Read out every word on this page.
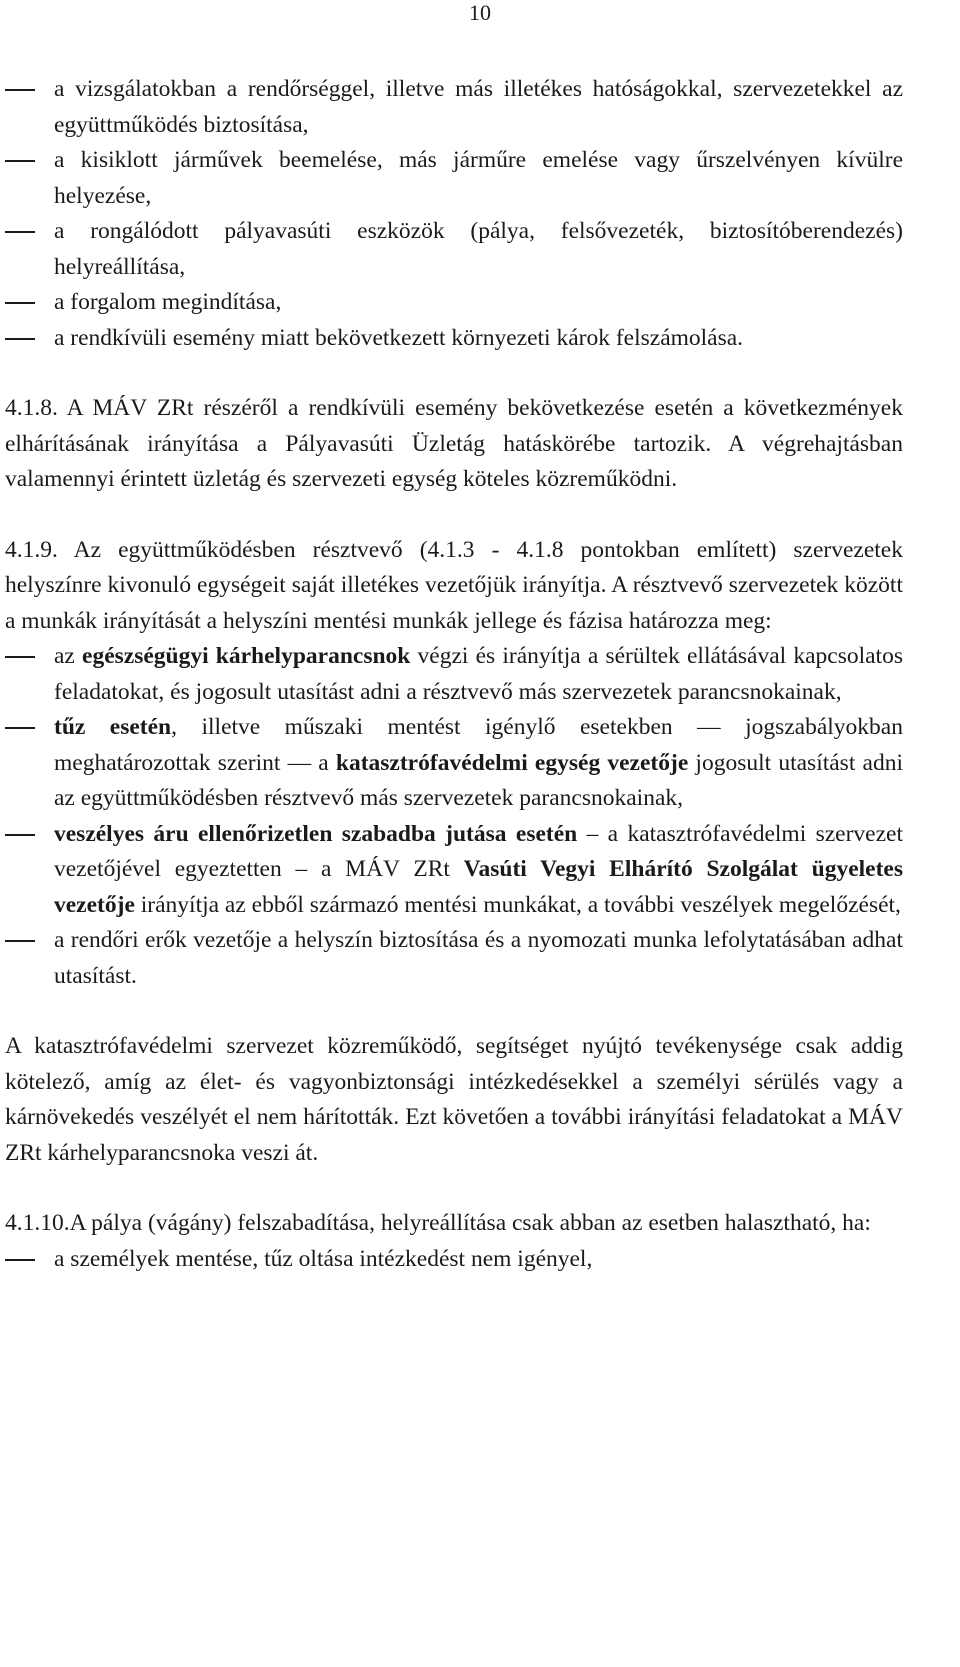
10
a vizsgálatokban a rendőrséggel, illetve más illetékes hatóságokkal, szervezetekkel az együttműködés biztosítása,
a kisiklott járművek beemelése, más járműre emelése vagy űrszelvényen kívülre helyezése,
a rongálódott pályavasúti eszközök (pálya, felsővezeték, biztosítóberendezés) helyreállítása,
a forgalom megindítása,
a rendkívüli esemény miatt bekövetkezett környezeti károk felszámolása.

4.1.8. A MÁV ZRt részéről a rendkívüli esemény bekövetkezése esetén a következmények elhárításának irányítása a Pályavasúti Üzletág hatáskörébe tartozik. A végrehajtásban valamennyi érintett üzletág és szervezeti egység köteles közreműködni.

4.1.9. Az együttműködésben résztvevő (4.1.3 - 4.1.8 pontokban említett) szervezetek helyszínre kivonuló egységeit saját illetékes vezetőjük irányítja. A résztvevő szervezetek között a munkák irányítását a helyszíni mentési munkák jellege és fázisa határozza meg:

az egészségügyi kárhelyparancsnok végzi és irányítja a sérültek ellátásával kapcsolatos feladatokat, és jogosult utasítást adni a résztvevő más szervezetek parancsnokainak,
tűz esetén, illetve műszaki mentést igénylő esetekben — jogszabályokban meghatározottak szerint — a katasztrófavédelmi egység vezetője jogosult utasítást adni az együttműködésben résztvevő más szervezetek parancsnokainak,
veszélyes áru ellenőrizetlen szabadba jutása esetén – a katasztrófavédelmi szervezet vezetőjével egyeztetten – a MÁV ZRt Vasúti Vegyi Elhárító Szolgálat ügyeletes vezetője irányítja az ebből származó mentési munkákat, a további veszélyek megelőzését,
a rendőri erők vezetője a helyszín biztosítása és a nyomozati munka lefolytatásában adhat utasítást.

A katasztrófavédelmi szervezet közreműködő, segítséget nyújtó tevékenysége csak addig kötelező, amíg az élet- és vagyonbiztonsági intézkedésekkel a személyi sérülés vagy a kárnövekedés veszélyét el nem hárították. Ezt követően a további irányítási feladatokat a MÁV ZRt kárhelyparancsnoka veszi át.

4.1.10.A pálya (vágány) felszabadítása, helyreállítása csak abban az esetben halasztható, ha:

a személyek mentése, tűz oltása intézkedést nem igényel,
